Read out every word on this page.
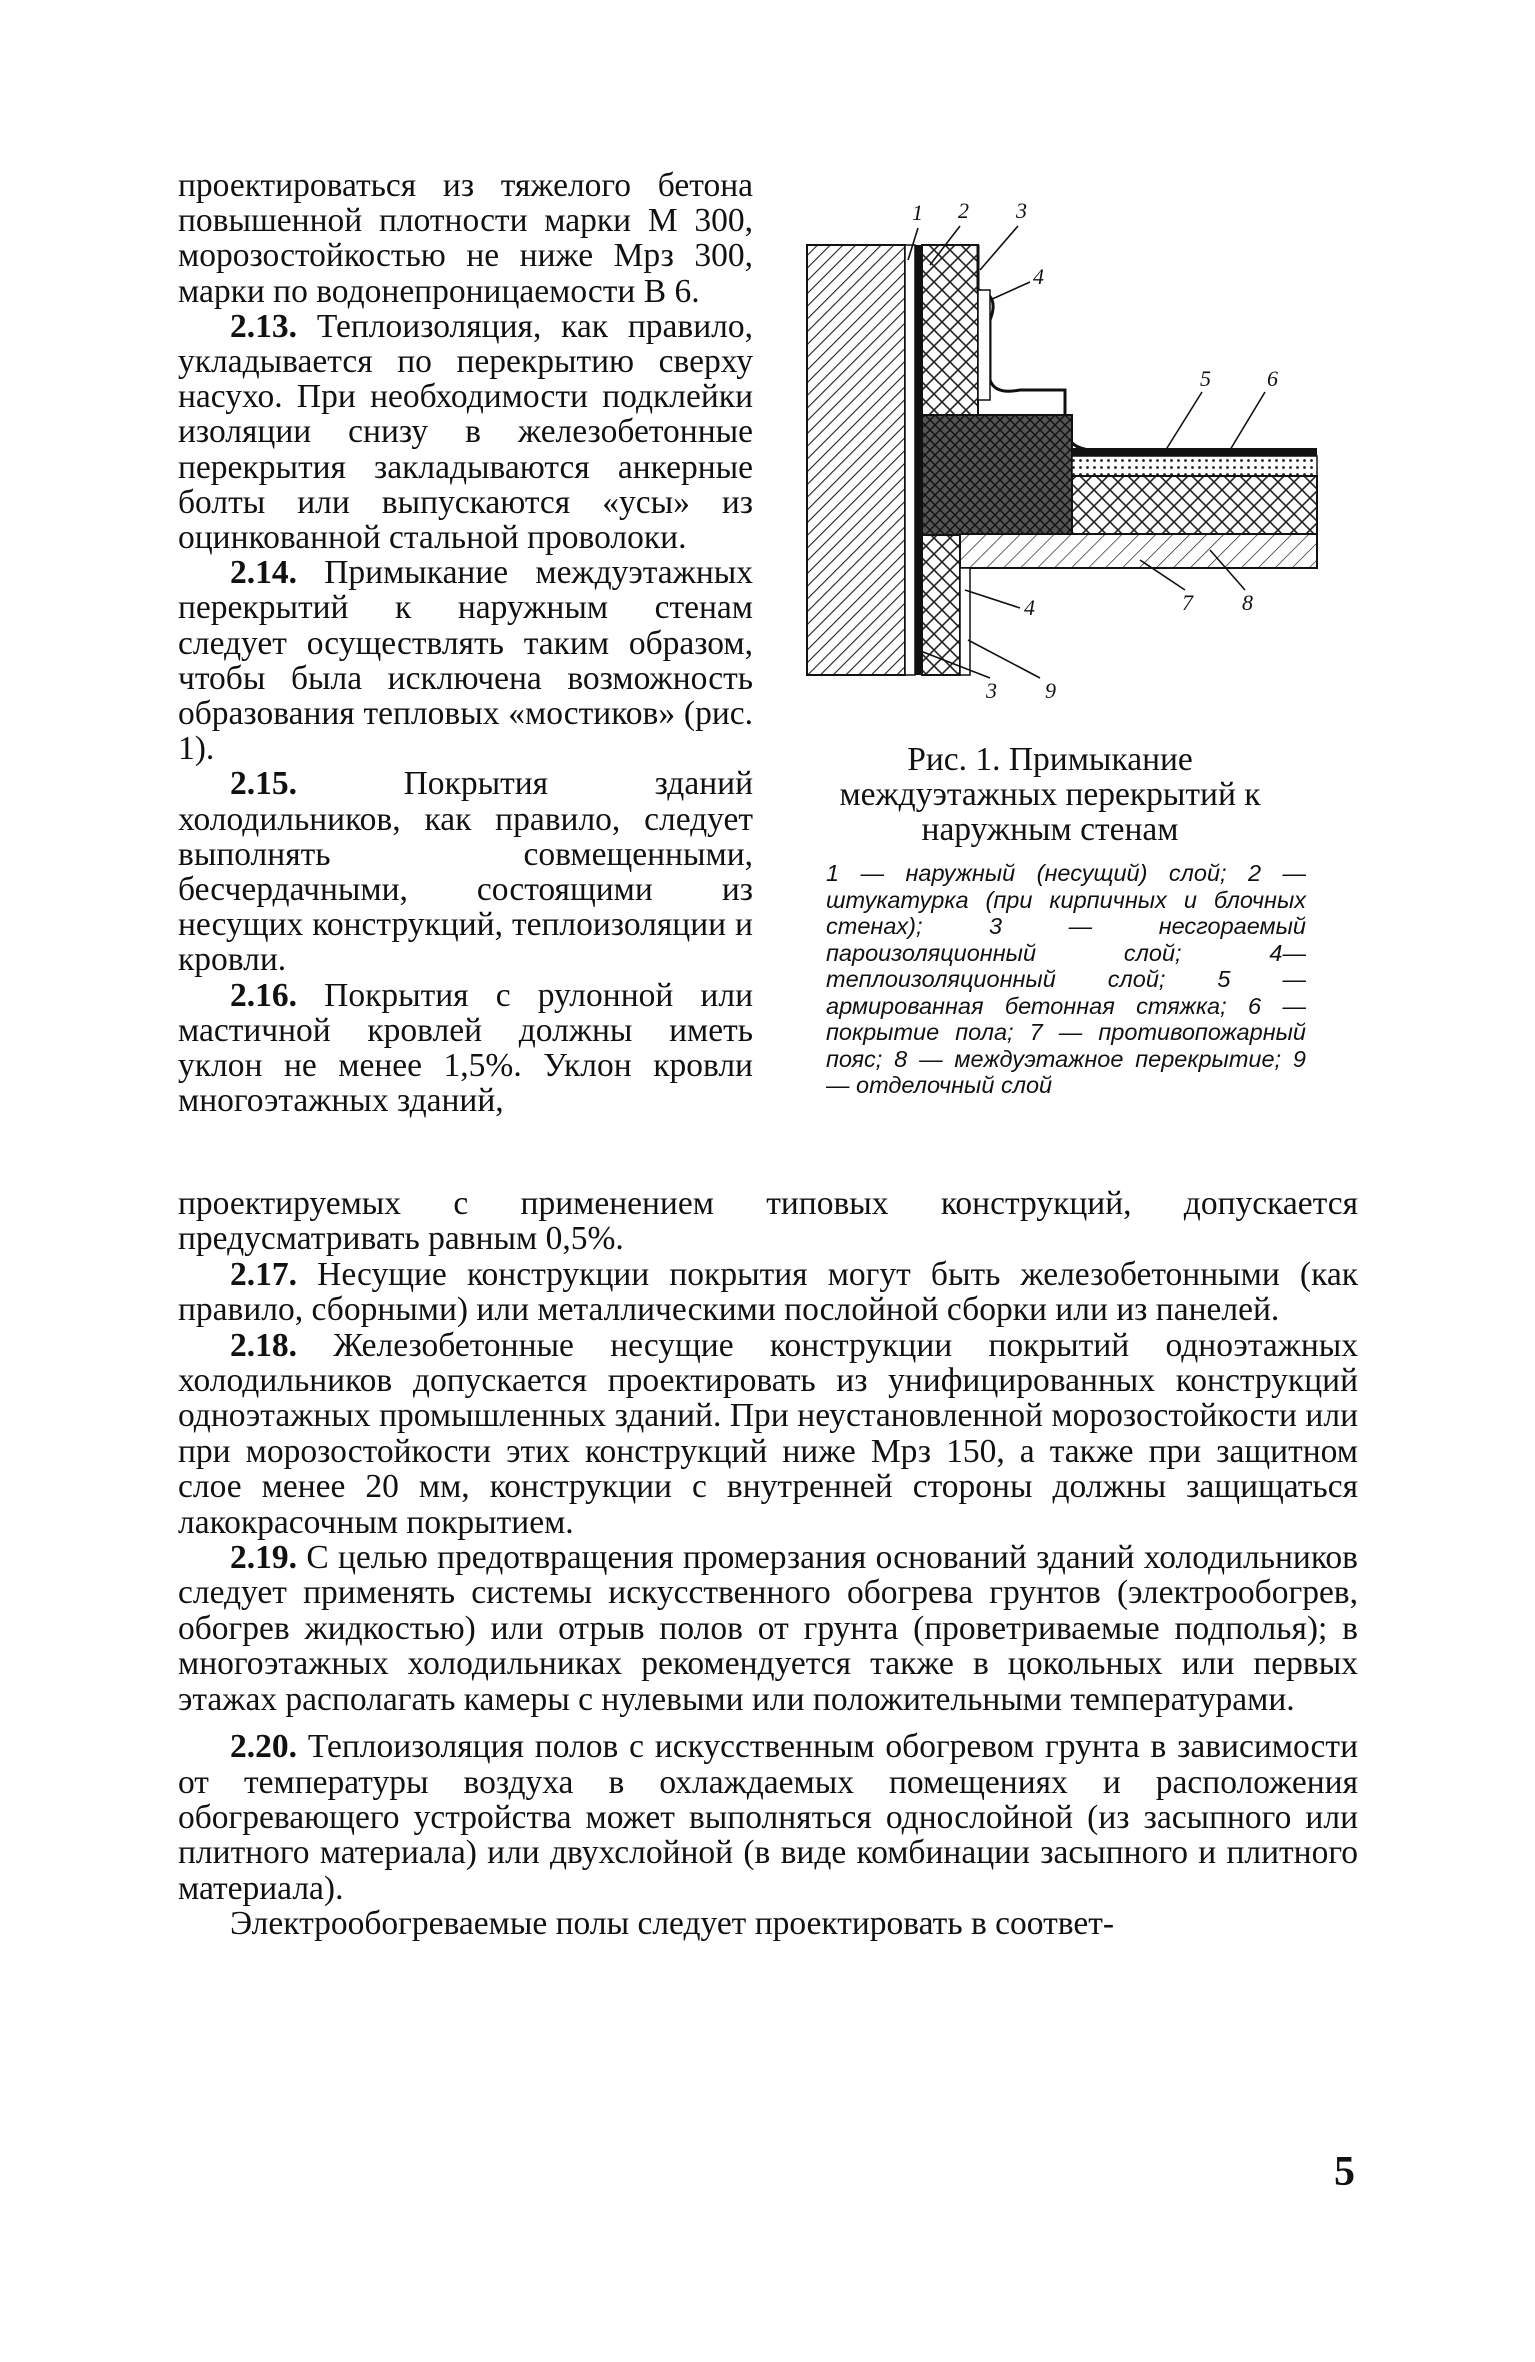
проектироваться из тяжелого бетона повышенной плотности марки М 300, морозостойкостью не ниже Мрз 300, марки по водонепроницаемости В 6.

2.13. Теплоизоляция, как правило, укладывается по перекрытию сверху насухо. При необходимости подклейки изоляции снизу в железобетонные перекрытия закладываются анкерные болты или выпускаются «усы» из оцинкованной стальной проволоки.

2.14. Примыкание междуэтажных перекрытий к наружным стенам следует осуществлять таким образом, чтобы была исключена возможность образования тепловых «мостиков» (рис. 1).

2.15.	Покрытия зданий холодильников, как правило, следует выполнять совмещенными, бесчердачными, состоящими из несущих конструкций, теплоизоляции и кровли.

2.16. Покрытия с рулонной или мастичной кровлей должны иметь уклон не менее 1,5%. Уклон кровли многоэтажных зданий,

1 2 3
4
5	6
7 8
4
3 9
Рис. 1. Примыкание междуэтажных перекрытий к наружным стенам
1 — наружный (несущий) слой; 2 — штукатурка (при кирпичных и блочных стенах); 3 — несгораемый пароизоляционный слой; 4—теплоизоляционный слой; 5 — армированная бетонная стяжка; 6 — покрытие пола; 7 — противопожарный пояс; 8 — междуэтажное перекрытие; 9 — отделочный слой

проектируемых с применением типовых конструкций, допускается предусматривать равным 0,5%.

2.17. Несущие конструкции покрытия могут быть железобетонными (как правило, сборными) или металлическими послойной сборки или из панелей.

2.18. Железобетонные несущие конструкции покрытий одноэтажных холодильников допускается проектировать из унифицированных конструкций одноэтажных промышленных зданий. При неустановленной морозостойкости или при морозостойкости этих конструкций ниже Мрз 150, а также при защитном слое менее 20 мм, конструкции с внутренней стороны должны защищаться лакокрасочным покрытием.

2.19. С целью предотвращения промерзания оснований зданий холодильников следует применять системы искусственного обогрева грунтов (электрообогрев, обогрев жидкостью) или отрыв полов от грунта (проветриваемые подполья); в многоэтажных холодильниках рекомендуется также в цокольных или первых этажах располагать камеры с нулевыми или положительными температурами.

2.20. Теплоизоляция полов с искусственным обогревом грунта в зависимости от температуры воздуха в охлаждаемых помещениях и расположения обогревающего устройства может выполняться однослойной (из засыпного или плитного материала) или двухслойной (в виде комбинации засыпного и плитного материала).

Электрообогреваемые полы следует проектировать в соответ-

5
